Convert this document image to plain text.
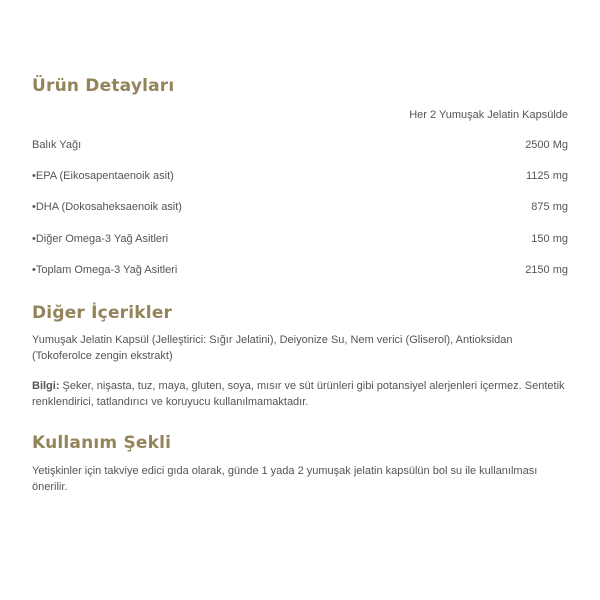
Ürün Detayları
Her 2 Yumuşak Jelatin Kapsülde
Balık Yağı	2500 Mg
•EPA (Eikosapentaenoik asit)	1125 mg
•DHA (Dokosaheksaenoik asit)	875 mg
•Diğer Omega-3 Yağ Asitleri	150 mg
•Toplam Omega-3 Yağ Asitleri	2150 mg
Diğer İçerikler

Yumuşak Jelatin Kapsül (Jelleştirici: Sığır Jelatini), Deiyonize Su, Nem verici (Gliserol), Antioksidan (Tokoferolce zengin ekstrakt)

Bilgi: Şeker, nişasta, tuz, maya, gluten, soya, mısır ve süt ürünleri gibi potansiyel alerjenleri içermez. Sentetik renklendirici, tatlandırıcı ve koruyucu kullanılmamaktadır.

Kullanım Şekli

Yetişkinler için takviye edici gıda olarak, günde 1 yada 2 yumuşak jelatin kapsülün bol su ile kullanılması önerilir.
